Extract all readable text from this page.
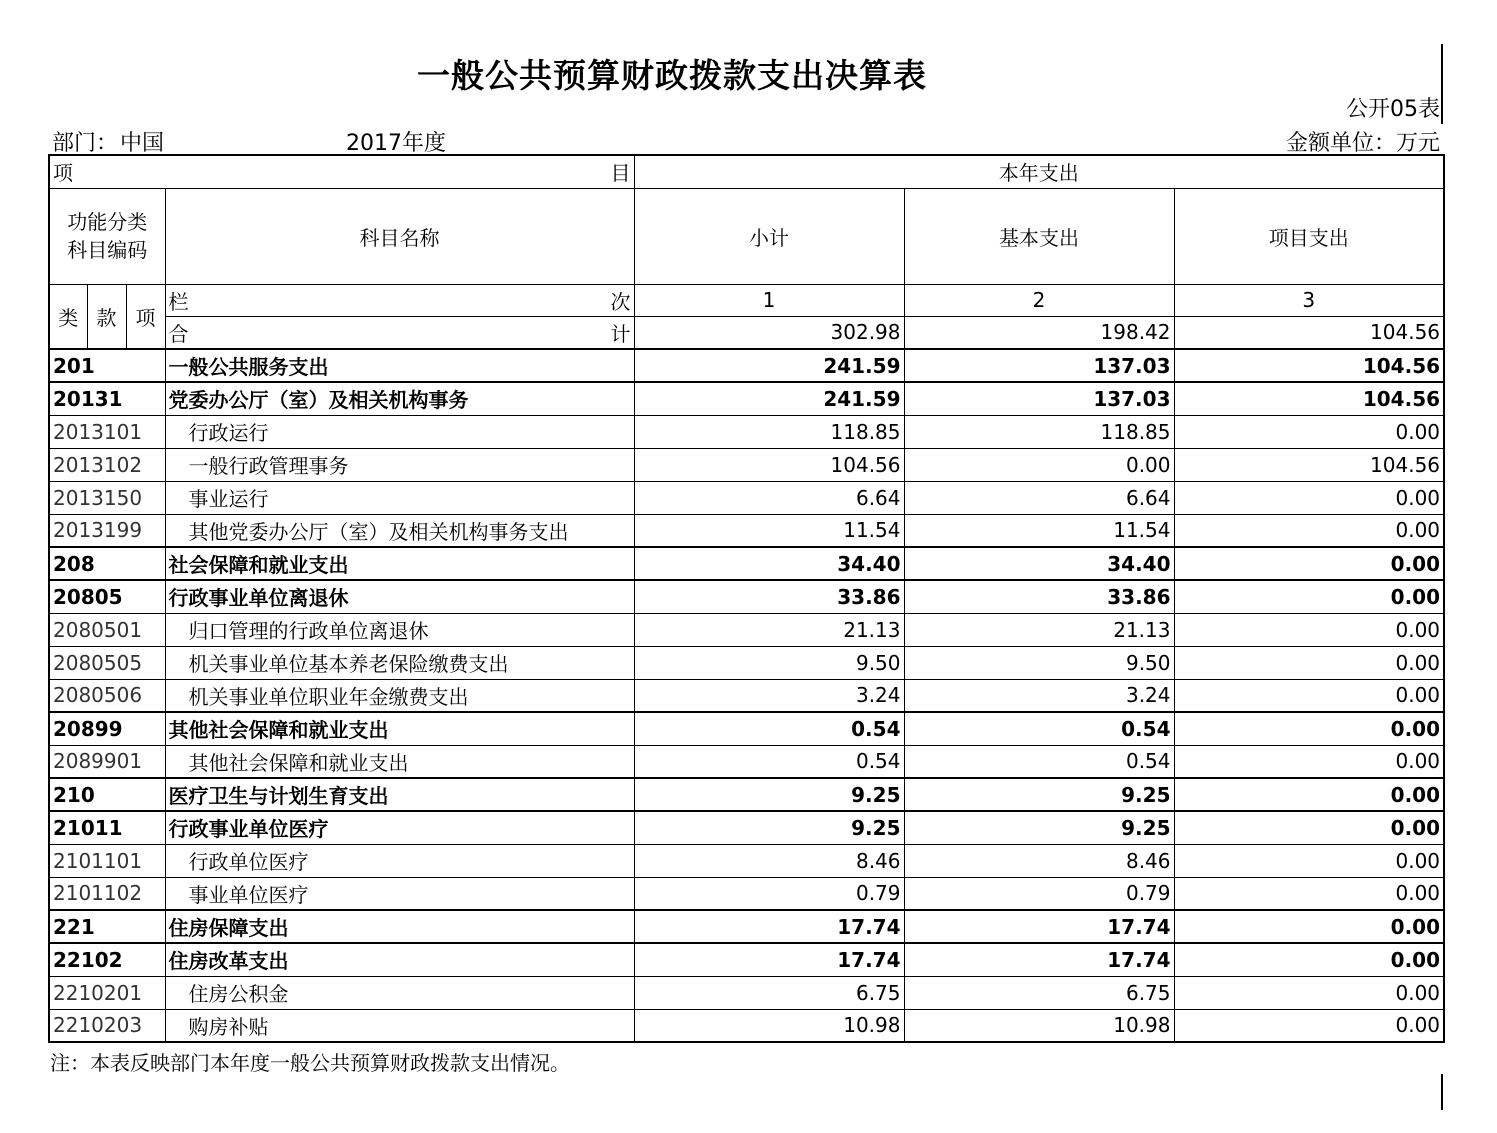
一般公共预算财政拨款支出决算表
公开05表
部门：中国	2017年度	金额单位：万元
项 目				本年支出		

功能分类
科目编码			科目名称	小计	基本支出	项目支出
类	款	项	栏 次	1	2	3

			合 计	302.98	198.42	104.56
201			一般公共服务支出	241.59	137.03	104.56
20131			党委办公厅（室）及相关机构事务	241.59	137.03	104.56
2013101			行政运行	118.85	118.85	0.00
2013102			一般行政管理事务	104.56	0.00	104.56
2013150			事业运行	6.64	6.64	0.00
2013199			其他党委办公厅（室）及相关机构事务支出	11.54	11.54	0.00
208			社会保障和就业支出	34.40	34.40	0.00
20805			行政事业单位离退休	33.86	33.86	0.00
2080501			归口管理的行政单位离退休	21.13	21.13	0.00
2080505			机关事业单位基本养老保险缴费支出	9.50	9.50	0.00
2080506			机关事业单位职业年金缴费支出	3.24	3.24	0.00
20899			其他社会保障和就业支出	0.54	0.54	0.00
2089901			其他社会保障和就业支出	0.54	0.54	0.00
210			医疗卫生与计划生育支出	9.25	9.25	0.00
21011			行政事业单位医疗	9.25	9.25	0.00
2101101			行政单位医疗	8.46	8.46	0.00
2101102			事业单位医疗	0.79	0.79	0.00
221			住房保障支出	17.74	17.74	0.00
22102			住房改革支出	17.74	17.74	0.00
2210201			住房公积金	6.75	6.75	0.00
2210203			购房补贴	10.98	10.98	0.00
注：本表反映部门本年度一般公共预算财政拨款支出情况。
